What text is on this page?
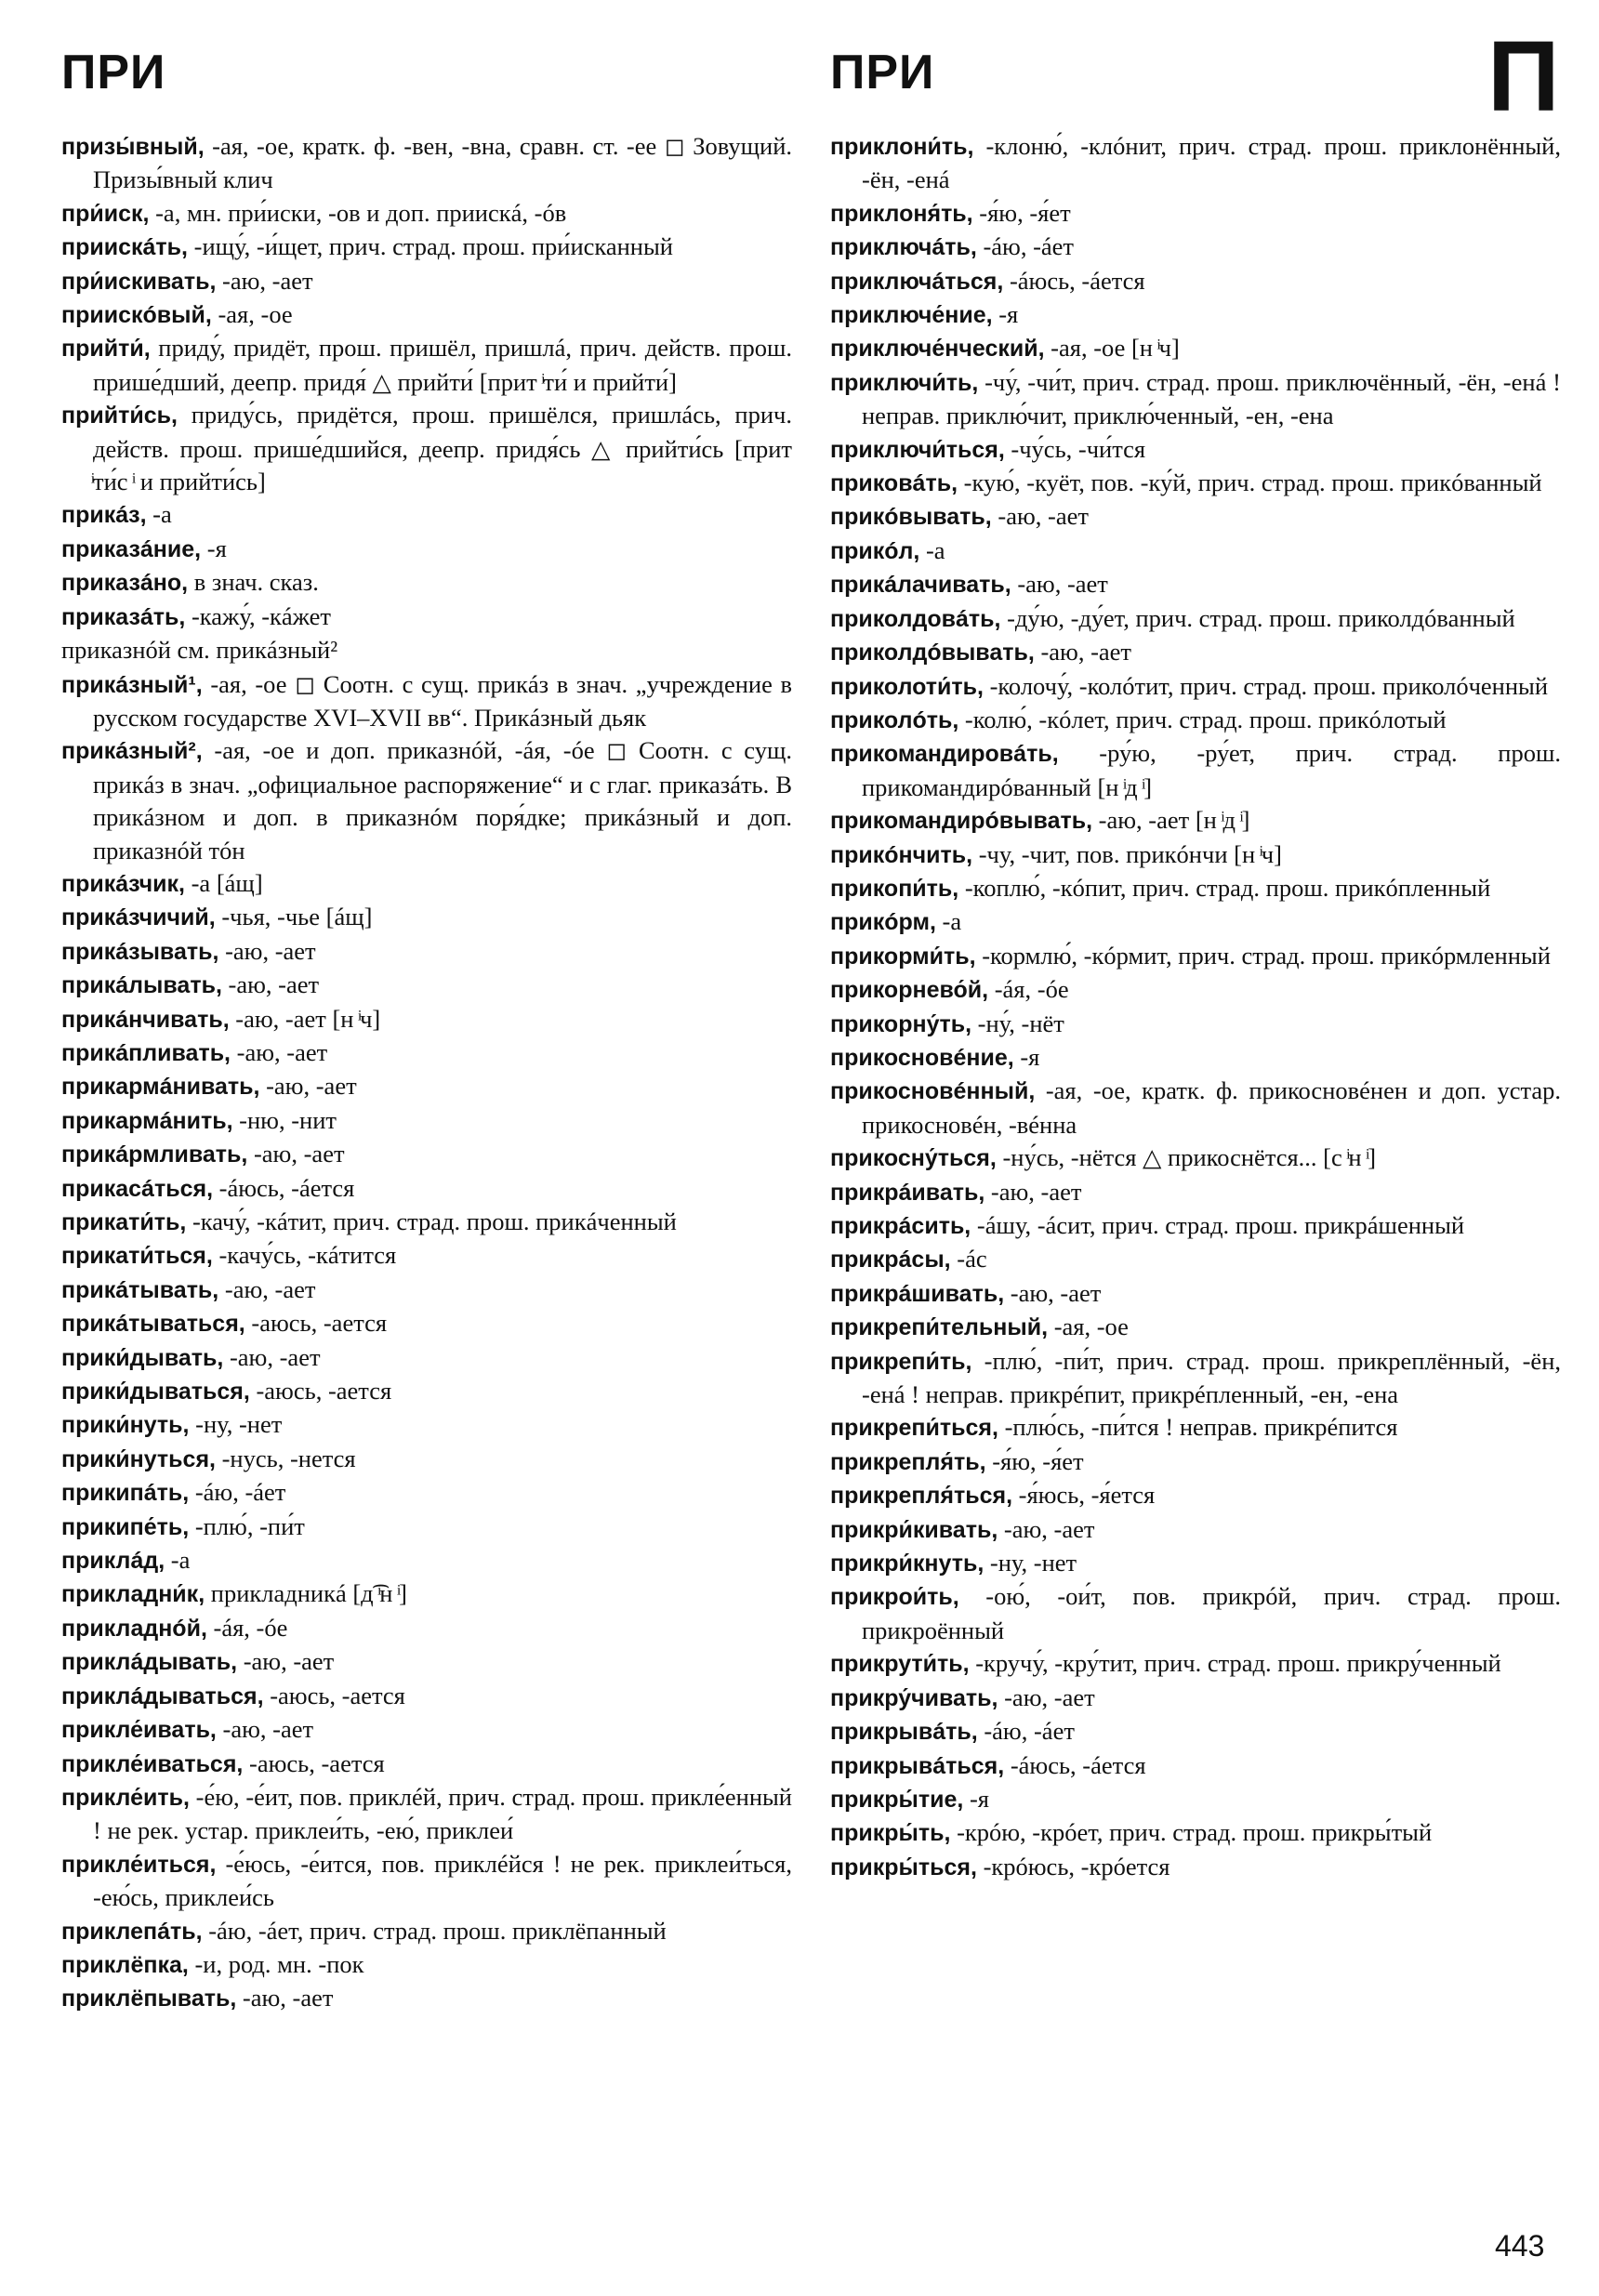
ПРИ	ПРИ	П

призы́вный, -ая, -ое, кратк. ф. -вен, -вна, сравн. ст. -ее ◻ Зовущий. Призы́вный клич

при́иск, -а, мн. при́иски, -ов и доп. приискá, -óв

приискáть, -ищу́, -и́щет, прич. страд. прош. при́исканный

при́искивать, -аю, -ает

приискóвый, -ая, -ое

прийти́, приду́, придёт, прош. пришёл, пришлá, прич. действ. прош. прише́дший, деепр. придя́ △ прийти́ [прит ͥти́ и прийти́]

прийти́сь, приду́сь, придётся, прош. пришёлся, пришлáсь, прич. действ. прош. прише́дшийся, деепр. придя́сь △ прийти́сь [прит ͥти́с ͥ и прийти́сь]

прикáз, -а

приказáние, -я

приказáно, в знач. сказ.

приказáть, -кажу́, -кáжет

приказнóй см. прикáзный²

прикáзный¹, -ая, -ое ◻ Соотн. с сущ. прикáз в знач. „учреждение в русском государстве XVI–XVII вв“. Прикáзный дьяк

прикáзный², -ая, -ое и доп. приказнóй, -áя, -óе ◻ Соотн. с сущ. прикáз в знач. „официальное распоряжение“ и с глаг. приказáть. В прикáзном и доп. в приказнóм поря́дке; прикáзный и доп. приказнóй тóн

прикáзчик, -а [áщ]

прикáзчичий, -чья, -чье [áщ]

прикáзывать, -аю, -ает

прикáлывать, -аю, -ает

прикáнчивать, -аю, -ает [н ͥч]

прикáпливать, -аю, -ает

прикармáнивать, -аю, -ает

прикармáнить, -ню, -нит

прикáрмливать, -аю, -ает

прикасáться, -áюсь, -áется

прикати́ть, -качу́, -кáтит, прич. страд. прош. прикáченный

прикати́ться, -качу́сь, -кáтится

прикáтывать, -аю, -ает

прикáтываться, -аюсь, -ается

прики́дывать, -аю, -ает

прики́дываться, -аюсь, -ается

прики́нуть, -ну, -нет

прики́нуться, -нусь, -нется

прикипáть, -áю, -áет

прикипе́ть, -плю́, -пи́т

приклáд, -а

прикладни́к, прикладникá [д͡ ͥн ͥ]

прикладнóй, -áя, -óе

приклáдывать, -аю, -ает

приклáдываться, -аюсь, -ается

прикле́ивать, -аю, -ает

прикле́иваться, -аюсь, -ается

прикле́ить, -е́ю, -е́ит, пов. приклéй, прич. страд. прош. прикле́енный ! не рек. устар. приклеи́ть, -ею́, приклеи́

прикле́иться, -е́юсь, -е́ится, пов. приклéйся ! не рек. приклеи́ться, -ею́сь, приклеи́сь

приклепáть, -áю, -áет, прич. страд. прош. приклёпанный

приклёпка, -и, род. мн. -пок

приклёпывать, -аю, -ает

приклони́ть, -клоню́, -клóнит, прич. страд. прош. приклонённый, -ён, -енá

приклоня́ть, -я́ю, -я́ет

приключáть, -áю, -áет

приключáться, -áюсь, -áется

приключе́ние, -я

приключе́нческий, -ая, -ое [н ͥч]

приключи́ть, -чу́, -чи́т, прич. страд. прош. приключённый, -ён, -енá ! неправ. приклю́чит, приклю́ченный, -ен, -ена

приключи́ться, -чу́сь, -чи́тся

приковáть, -кую́, -куёт, пов. -ку́й, прич. страд. прош. прикóванный

прикóвывать, -аю, -ает

прикóл, -а

прикáлачивать, -аю, -ает

приколдовáть, -ду́ю, -ду́ет, прич. страд. прош. приколдóванный

приколдóвывать, -аю, -ает

приколоти́ть, -колочу́, -колóтит, прич. страд. прош. приколóченный

приколóть, -колю́, -кóлет, прич. страд. прош. прикóлотый

прикомандировáть, -ру́ю, -ру́ет, прич. страд. прош. прикомандирóванный [н ͥд ͥ]

прикомандирóвывать, -аю, -ает [н ͥд ͥ]

прикóнчить, -чу, -чит, пов. прикóнчи [н ͥч]

прикопи́ть, -коплю́, -кóпит, прич. страд. прош. прикóпленный

прикóрм, -а

прикорми́ть, -кормлю́, -кóрмит, прич. страд. прош. прикóрмленный

прикорнево́й, -áя, -óе

прикорну́ть, -ну́, -нёт

прикосновéние, -я

прикосновéнный, -ая, -ое, кратк. ф. прикосновéнен и доп. устар. прикосновéн, -вéнна

прикосну́ться, -ну́сь, -нётся △ прикоснётся... [с ͥн ͥ]

прикрáивать, -аю, -ает

прикрáсить, -áшу, -áсит, прич. страд. прош. прикрáшенный

прикрáсы, -áс

прикрáшивать, -аю, -ает

прикрепи́тельный, -ая, -ое

прикрепи́ть, -плю́, -пи́т, прич. страд. прош. прикреплённый, -ён, -енá ! неправ. прикрéпит, прикрéпленный, -ен, -ена

прикрепи́ться, -плю́сь, -пи́тся ! неправ. прикрéпится

прикрепля́ть, -я́ю, -я́ет

прикрепля́ться, -я́юсь, -я́ется

прикри́кивать, -аю, -ает

прикри́кнуть, -ну, -нет

прикрои́ть, -ою́, -ои́т, пов. прикрóй, прич. страд. прош. прикроённый

прикрути́ть, -кручу́, -кру́тит, прич. страд. прош. прикру́ченный

прикру́чивать, -аю, -ает

прикрывáть, -áю, -áет

прикрывáться, -áюсь, -áется

прикры́тие, -я

прикры́ть, -крóю, -крóет, прич. страд. прош. прикры́тый

прикры́ться, -крóюсь, -крóется

443
